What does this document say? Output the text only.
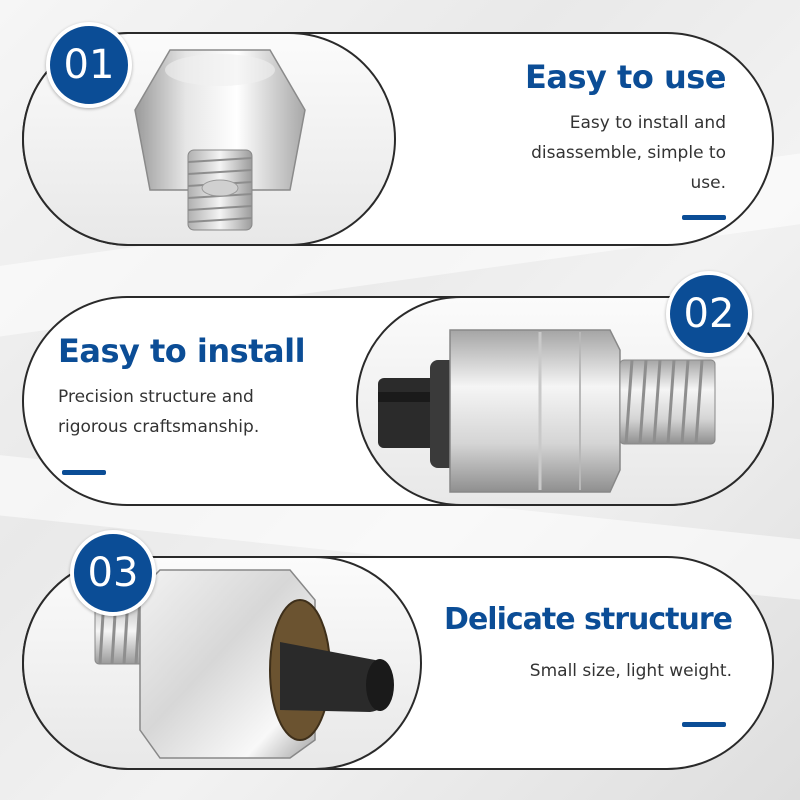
01	Easy to use
Easy to install and
disassemble, simple to
use.
02
Easy to install
Precision structure and
rigorous craftsmanship.
03
Delicate structure
Small size, light weight.
